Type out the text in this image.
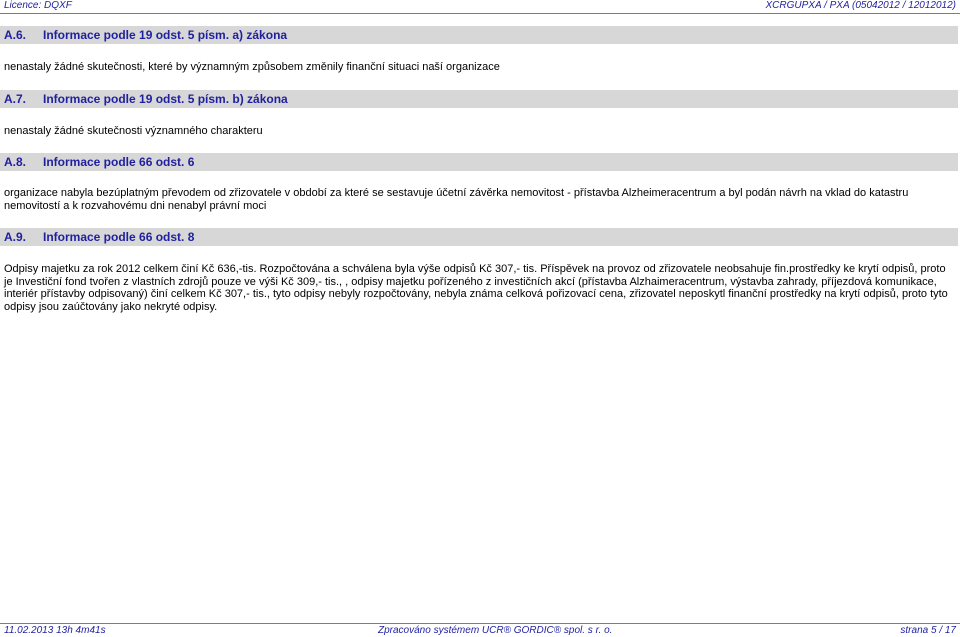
Licence: DQXF	XCRGUPXA / PXA (05042012 / 12012012)
A.6. Informace podle 19 odst. 5 písm. a) zákona
nenastaly žádné skutečnosti, které by významným způsobem změnily finanční situaci naší organizace
A.7. Informace podle 19 odst. 5 písm. b) zákona
nenastaly žádné skutečnosti významného charakteru
A.8. Informace podle 66 odst. 6
organizace nabyla bezúplatným převodem od zřizovatele v období za které se sestavuje účetní závěrka nemovitost - přístavba Alzheimeracentrum a byl podán návrh na vklad do katastru nemovitostí a k rozvahovému dni nenabyl právní moci
A.9. Informace podle 66 odst. 8
Odpisy majetku za rok 2012 celkem činí Kč 636,-tis. Rozpočtována a schválena byla výše odpisů Kč 307,- tis. Příspěvek na provoz od zřizovatele neobsahuje fin.prostředky ke krytí odpisů, proto je Investiční fond tvořen z vlastních zdrojů pouze ve výši Kč 309,- tis., , odpisy majetku pořízeného z investičních akcí (přístavba Alzhaimeracentrum, výstavba zahrady, příjezdová komunikace, interiér přístavby odpisovaný) činí celkem Kč 307,- tis., tyto odpisy nebyly rozpočtovány, nebyla známa celková pořizovací cena, zřizovatel neposkytl finanční prostředky na krytí odpisů, proto tyto odpisy jsou zaúčtovány jako nekryté odpisy.
11.02.2013 13h 4m41s	Zpracováno systémem UCR® GORDIC® spol. s r. o.	strana 5 / 17
